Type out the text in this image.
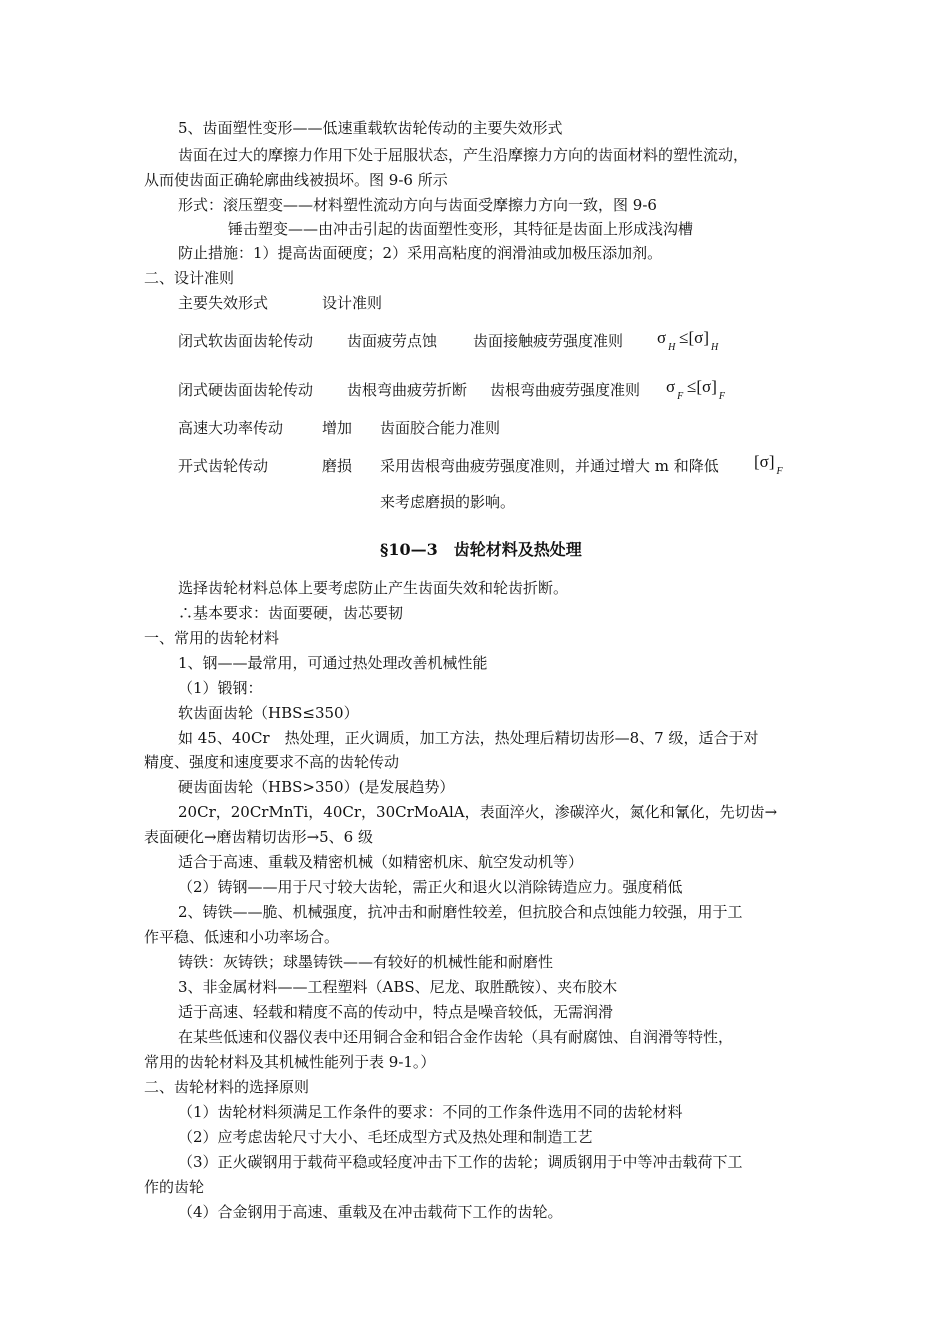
5、齿面塑性变形——低速重载软齿轮传动的主要失效形式
齿面在过大的摩擦力作用下处于屈服状态，产生沿摩擦力方向的齿面材料的塑性流动，
从而使齿面正确轮廓曲线被损坏。图 9-6 所示
形式：滚压塑变——材料塑性流动方向与齿面受摩擦力方向一致，图 9-6
锤击塑变——由冲击引起的齿面塑性变形，其特征是齿面上形成浅沟槽
防止措施：1）提高齿面硬度；2）采用高粘度的润滑油或加极压添加剂。
二、设计准则
主要失效形式	设计准则
闭式软齿面齿轮传动 齿面疲劳点蚀 齿面接触疲劳强度准则 $\sigma_H \le[\sigma]_H$
闭式硬齿面齿轮传动 齿根弯曲疲劳折断 齿根弯曲疲劳强度准则 $\sigma_F \le[\sigma]_F$
高速大功率传动	增加 齿面胶合能力准则
开式齿轮传动	磨损 采用齿根弯曲疲劳强度准则，并通过增大 m 和降低 $[\sigma]_F$
来考虑磨损的影响。
§10—3　齿轮材料及热处理
选择齿轮材料总体上要考虑防止产生齿面失效和轮齿折断。
∴基本要求：齿面要硬，齿芯要韧
一、常用的齿轮材料
1、钢——最常用，可通过热处理改善机械性能
（1）锻钢：
软齿面齿轮（HBS≤350）
如 45、40Cr　热处理，正火调质，加工方法，热处理后精切齿形—8、7 级，适合于对
精度、强度和速度要求不高的齿轮传动
硬齿面齿轮（HBS>350）(是发展趋势）
20Cr，20CrMnTi，40Cr，30CrMoAlA，表面淬火，渗碳淬火，氮化和氰化，先切齿→
表面硬化→磨齿精切齿形→5、6 级
适合于高速、重载及精密机械（如精密机床、航空发动机等）
（2）铸钢——用于尺寸较大齿轮，需正火和退火以消除铸造应力。强度稍低
2、铸铁——脆、机械强度，抗冲击和耐磨性较差，但抗胶合和点蚀能力较强，用于工
作平稳、低速和小功率场合。
铸铁：灰铸铁；球墨铸铁——有较好的机械性能和耐磨性
3、非金属材料——工程塑料（ABS、尼龙、取胜酰铵）、夹布胶木
适于高速、轻载和精度不高的传动中，特点是噪音较低，无需润滑
在某些低速和仪器仪表中还用铜合金和铝合金作齿轮（具有耐腐蚀、自润滑等特性，
常用的齿轮材料及其机械性能列于表 9-1。）
二、齿轮材料的选择原则
（1）齿轮材料须满足工作条件的要求：不同的工作条件选用不同的齿轮材料
（2）应考虑齿轮尺寸大小、毛坯成型方式及热处理和制造工艺
（3）正火碳钢用于载荷平稳或轻度冲击下工作的齿轮；调质钢用于中等冲击载荷下工
作的齿轮
（4）合金钢用于高速、重载及在冲击载荷下工作的齿轮。
